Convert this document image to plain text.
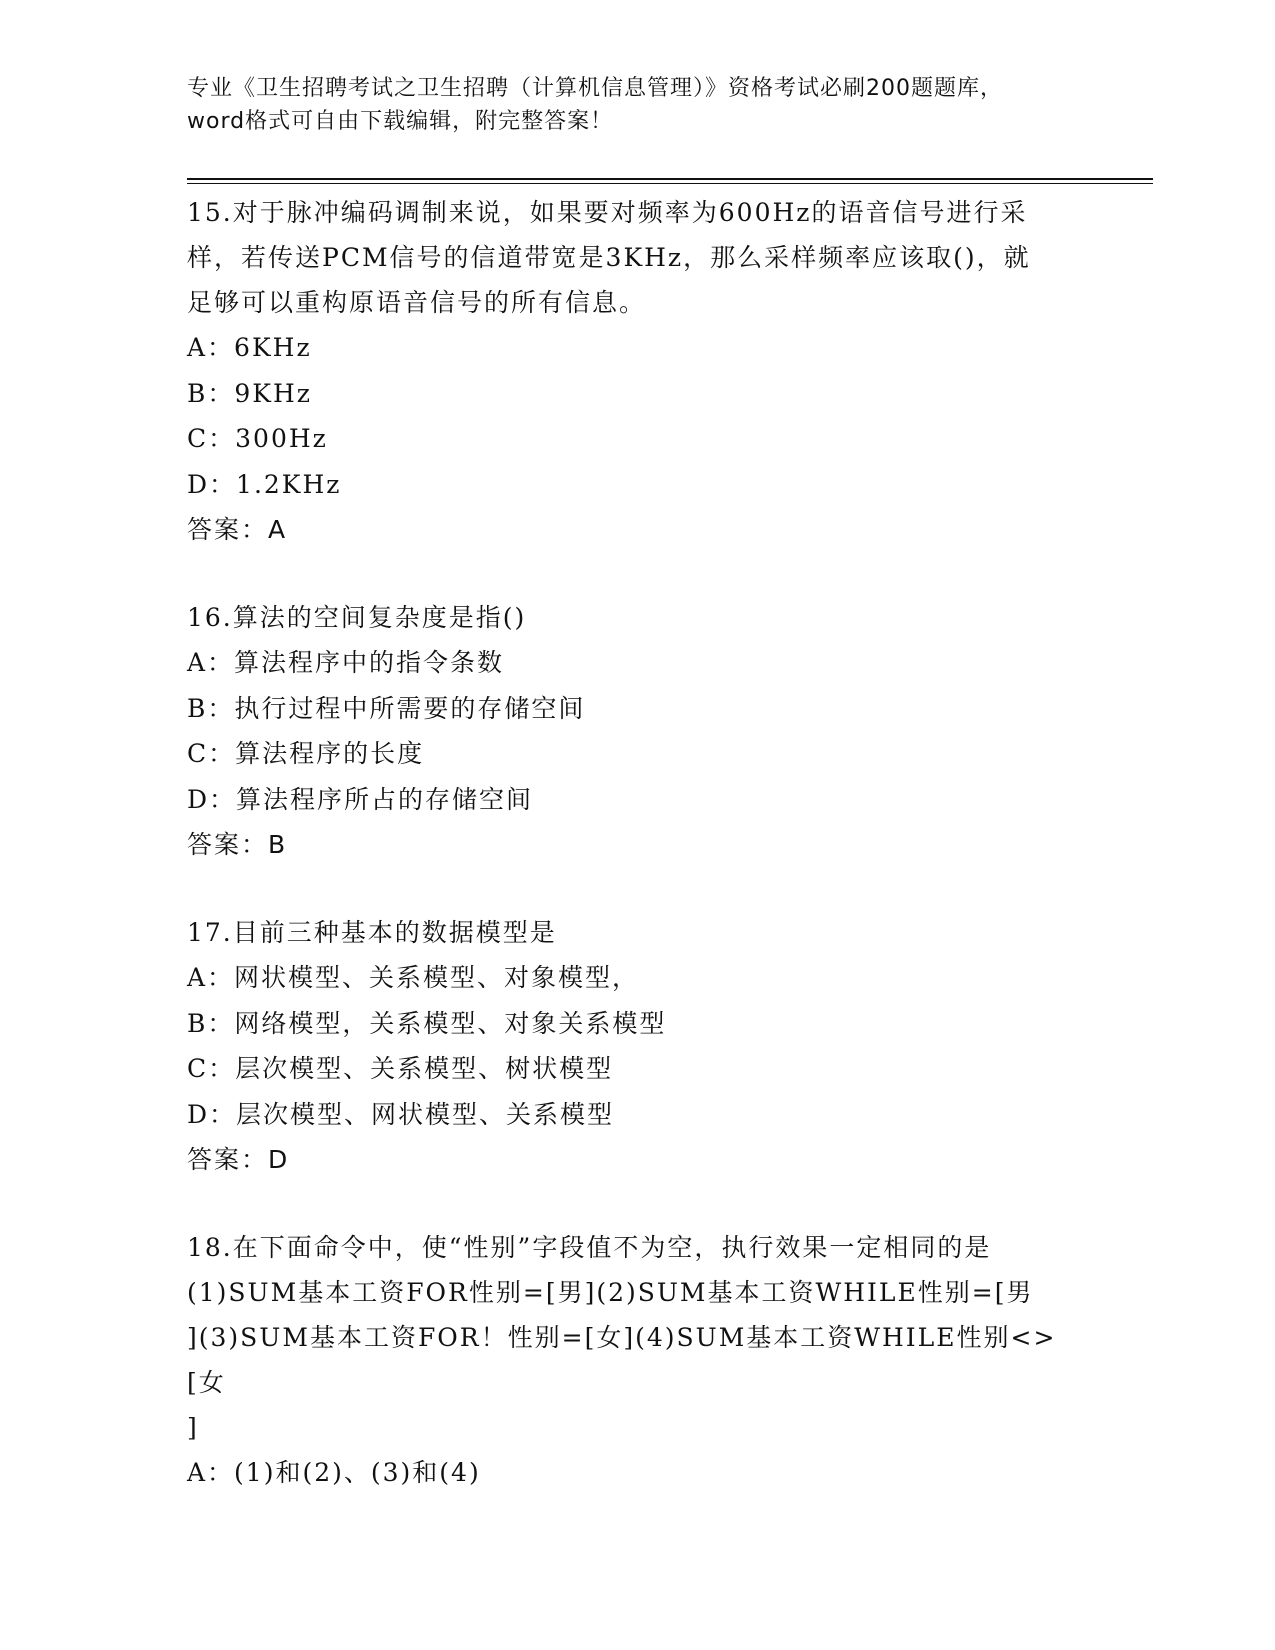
专业《卫生招聘考试之卫生招聘（计算机信息管理）》资格考试必刷200题题库，
word格式可自由下载编辑，附完整答案！
15.对于脉冲编码调制来说，如果要对频率为600Hz的语音信号进行采
样，若传送PCM信号的信道带宽是3KHz，那么采样频率应该取()，就
足够可以重构原语音信号的所有信息。
A：6KHz
B：9KHz
C：300Hz
D：1.2KHz
答案：A
16.算法的空间复杂度是指()
A：算法程序中的指令条数
B：执行过程中所需要的存储空间
C：算法程序的长度
D：算法程序所占的存储空间
答案：B
17.目前三种基本的数据模型是
A：网状模型、关系模型、对象模型，
B：网络模型，关系模型、对象关系模型
C：层次模型、关系模型、树状模型
D：层次模型、网状模型、关系模型
答案：D
18.在下面命令中，使“性别”字段值不为空，执行效果一定相同的是
(1)SUM基本工资FOR性别=[男](2)SUM基本工资WHILE性别=[男
](3)SUM基本工资FOR！性别=[女](4)SUM基本工资WHILE性别<>[女
]
A：(1)和(2)、(3)和(4)
